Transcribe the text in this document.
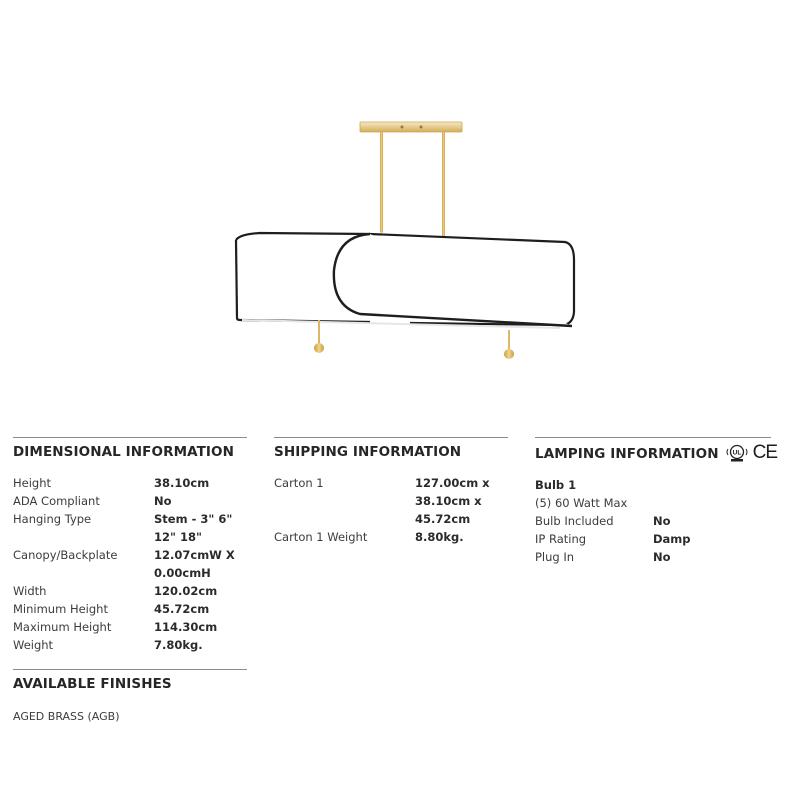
DIMENSIONAL INFORMATION
Height	38.10cm
ADA Compliant	No
Hanging Type	Stem - 3" 6" 12" 18"
Canopy/Backplate	12.07cmW X 0.00cmH
Width	120.02cm
Minimum Height	45.72cm
Maximum Height	114.30cm
Weight	7.80kg.
SHIPPING INFORMATION
Carton 1	127.00cm x 38.10cm x 45.72cm
Carton 1 Weight	8.80kg.
LAMPING INFORMATION UL CE
Bulb 1
(5) 60 Watt Max
Bulb Included	No
IP Rating	Damp
Plug In	No
AVAILABLE FINISHES
AGED BRASS (AGB)
